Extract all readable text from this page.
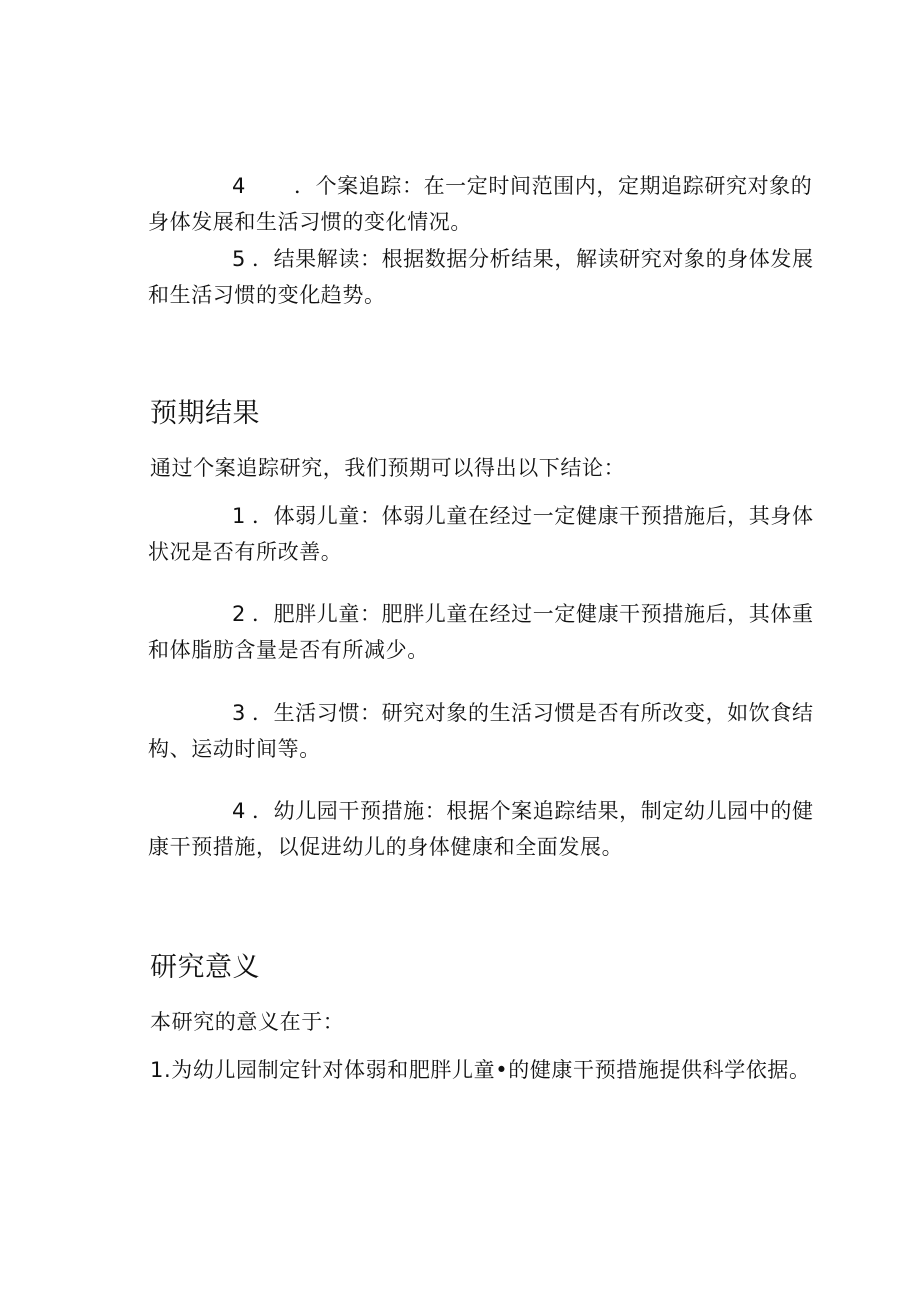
4 ．个案追踪：在一定时间范围内，定期追踪研究对象的身体发展和生活习惯的变化情况。

5 ．结果解读：根据数据分析结果，解读研究对象的身体发展和生活习惯的变化趋势。

预期结果

通过个案追踪研究，我们预期可以得出以下结论：

1 ．体弱儿童：体弱儿童在经过一定健康干预措施后，其身体状况是否有所改善。

2 ．肥胖儿童：肥胖儿童在经过一定健康干预措施后，其体重和体脂肪含量是否有所减少。

3 ．生活习惯：研究对象的生活习惯是否有所改变，如饮食结构、运动时间等。

4 ．幼儿园干预措施：根据个案追踪结果，制定幼儿园中的健康干预措施，以促进幼儿的身体健康和全面发展。

研究意义

本研究的意义在于：

1.为幼儿园制定针对体弱和肥胖儿童•的健康干预措施提供科学依据。
